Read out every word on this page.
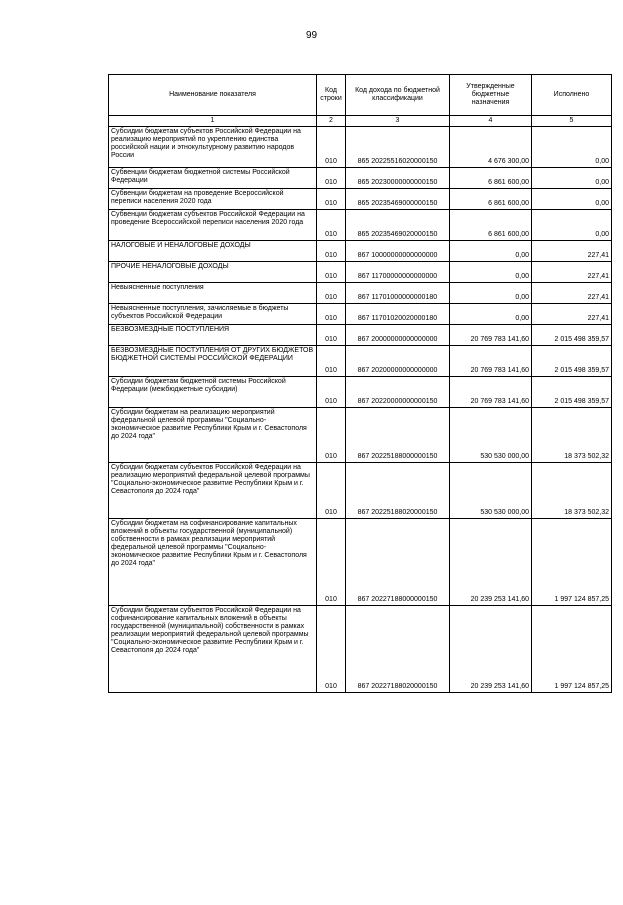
99
Наименование показателя	Код строки	Код дохода по бюджетной классификации	Утвержденные бюджетные назначения	Исполнено
1	2	3	4	5
Субсидии бюджетам субъектов Российской Федерации на реализацию мероприятий по укреплению единства российской нации и этнокультурному развитию народов России	010	865 20225516020000150	4 676 300,00	0,00
Субвенции бюджетам бюджетной системы Российской Федерации	010	865 20230000000000150	6 861 600,00	0,00
Субвенции бюджетам на проведение Всероссийской переписи населения 2020 года	010	865 20235469000000150	6 861 600,00	0,00
Субвенции бюджетам субъектов Российской Федерации на проведение Всероссийской переписи населения 2020 года	010	865 20235469020000150	6 861 600,00	0,00
НАЛОГОВЫЕ И НЕНАЛОГОВЫЕ ДОХОДЫ	010	867 10000000000000000	0,00	227,41
ПРОЧИЕ НЕНАЛОГОВЫЕ ДОХОДЫ	010	867 11700000000000000	0,00	227,41
Невыясненные поступления	010	867 11701000000000180	0,00	227,41
Невыясненные поступления, зачисляемые в бюджеты субъектов Российской Федерации	010	867 11701020020000180	0,00	227,41
БЕЗВОЗМЕЗДНЫЕ ПОСТУПЛЕНИЯ	010	867 20000000000000000	20 769 783 141,60	2 015 498 359,57
БЕЗВОЗМЕЗДНЫЕ ПОСТУПЛЕНИЯ ОТ ДРУГИХ БЮДЖЕТОВ БЮДЖЕТНОЙ СИСТЕМЫ РОССИЙСКОЙ ФЕДЕРАЦИИ	010	867 20200000000000000	20 769 783 141,60	2 015 498 359,57
Субсидии бюджетам бюджетной системы Российской Федерации (межбюджетные субсидии)	010	867 20220000000000150	20 769 783 141,60	2 015 498 359,57
Субсидии бюджетам на реализацию мероприятий федеральной целевой программы "Социально-экономическое развитие Республики Крым и г. Севастополя до 2024 года"	010	867 20225188000000150	530 530 000,00	18 373 502,32
Субсидии бюджетам субъектов Российской Федерации на реализацию мероприятий федеральной целевой программы "Социально-экономическое развитие Республики Крым и г. Севастополя до 2024 года"	010	867 20225188020000150	530 530 000,00	18 373 502,32
Субсидии бюджетам на софинансирование капитальных вложений в объекты государственной (муниципальной) собственности в рамках реализации мероприятий федеральной целевой программы "Социально-экономическое развитие Республики Крым и г. Севастополя до 2024 года"	010	867 20227188000000150	20 239 253 141,60	1 997 124 857,25
Субсидии бюджетам субъектов Российской Федерации на софинансирование капитальных вложений в объекты государственной (муниципальной) собственности в рамках реализации мероприятий федеральной целевой программы "Социально-экономическое развитие Республики Крым и г. Севастополя до 2024 года"	010	867 20227188020000150	20 239 253 141,60	1 997 124 857,25
